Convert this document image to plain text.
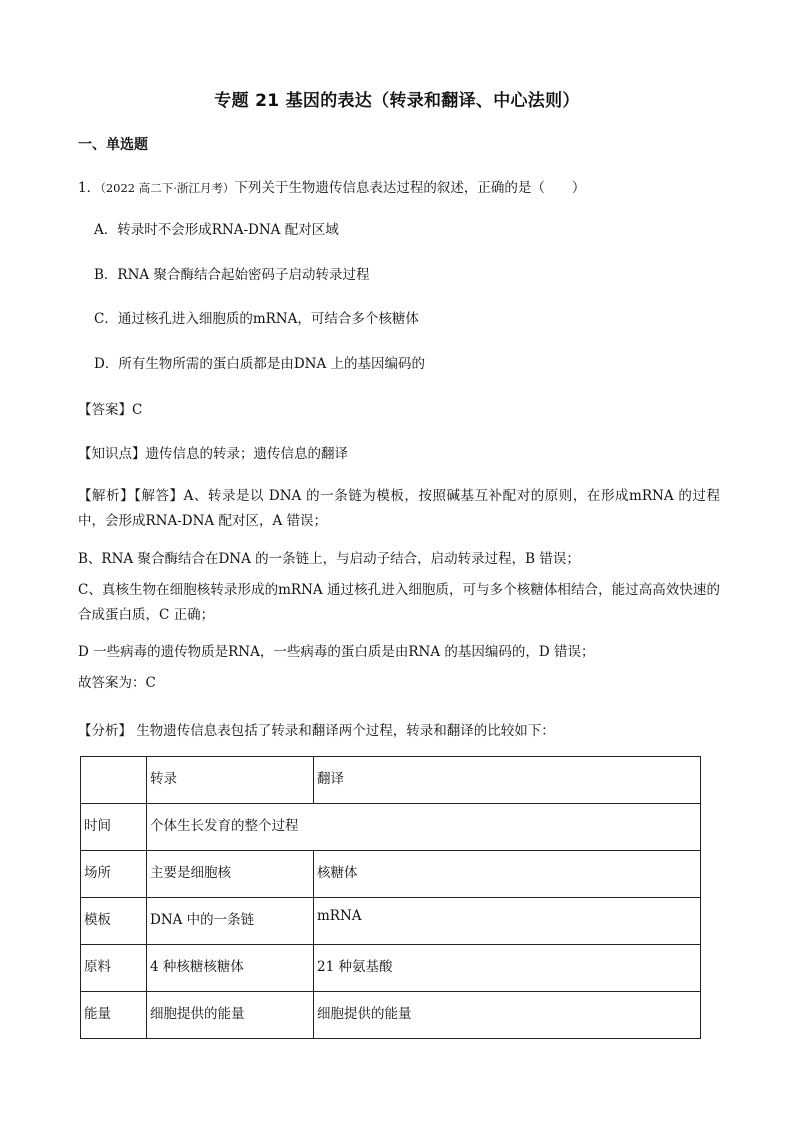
专题 21 基因的表达（转录和翻译、中心法则）
一、单选题
1．（2022 高二下·浙江月考）下列关于生物遗传信息表达过程的叙述，正确的是（　　）
A．转录时不会形成RNA-DNA 配对区域
B．RNA 聚合酶结合起始密码子启动转录过程
C．通过核孔进入细胞质的mRNA，可结合多个核糖体
D．所有生物所需的蛋白质都是由DNA 上的基因编码的
【答案】C
【知识点】遗传信息的转录；遗传信息的翻译
【解析】【解答】A、转录是以 DNA 的一条链为模板，按照碱基互补配对的原则，在形成mRNA 的过程中，会形成RNA-DNA 配对区，A 错误；
B、RNA 聚合酶结合在DNA 的一条链上，与启动子结合，启动转录过程，B 错误；
C、真核生物在细胞核转录形成的mRNA 通过核孔进入细胞质，可与多个核糖体相结合，能过高高效快速的合成蛋白质，C 正确；
D 一些病毒的遗传物质是RNA，一些病毒的蛋白质是由RNA 的基因编码的，D 错误；
故答案为：C
【分析】 生物遗传信息表包括了转录和翻译两个过程，转录和翻译的比较如下：
	转录	翻译
时间	个体生长发育的整个过程	
场所	主要是细胞核	核糖体
模板	DNA 中的一条链	mRNA
原料	4 种核糖核糖体	21 种氨基酸
能量	细胞提供的能量	细胞提供的能量
